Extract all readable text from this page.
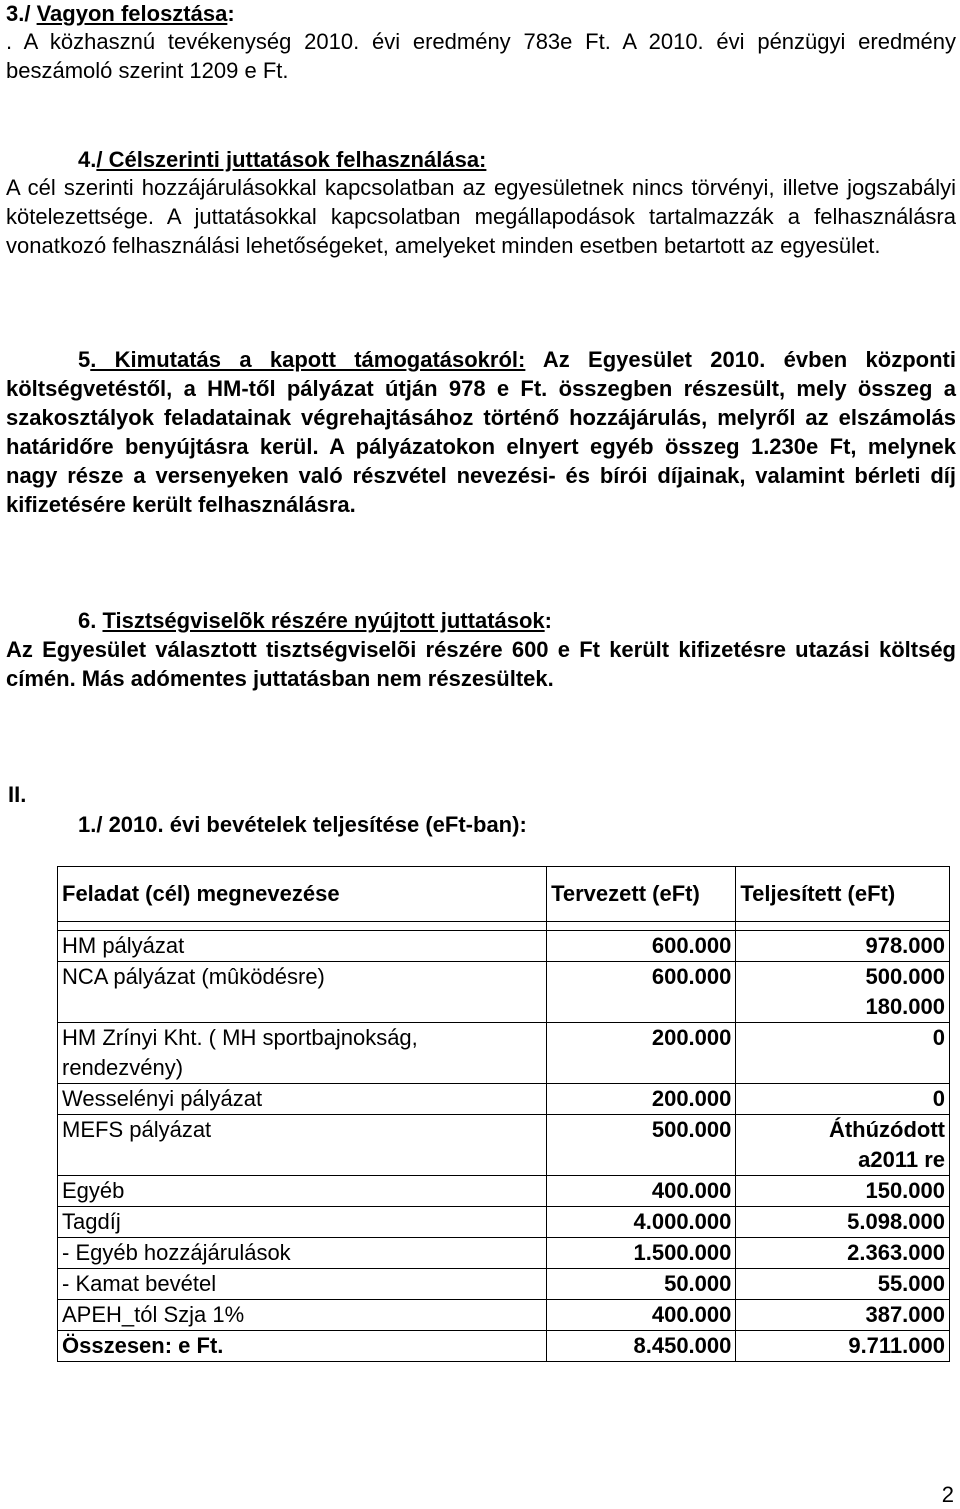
3./ Vagyon felosztása:

. A közhasznú tevékenység 2010. évi eredmény 783e Ft. A 2010. évi pénzügyi eredmény beszámoló szerint 1209 e Ft.

4./ Célszerinti juttatások felhasználása:

A cél szerinti hozzájárulásokkal kapcsolatban az egyesületnek nincs törvényi, illetve jogszabályi kötelezettsége. A juttatásokkal kapcsolatban megállapodások tartalmazzák a felhasználásra vonatkozó felhasználási lehetőségeket, amelyeket minden esetben betartott az egyesület.

5. Kimutatás a kapott támogatásokról: Az Egyesület 2010. évben központi költségvetéstől, a HM-től pályázat útján 978 e Ft. összegben részesült, mely összeg a szakosztályok feladatainak végrehajtásához történő hozzájárulás, melyről az elszámolás határidőre benyújtásra kerül. A pályázatokon elnyert egyéb összeg 1.230e Ft, melynek nagy része a versenyeken való részvétel nevezési- és bírói díjainak, valamint bérleti díj kifizetésére került felhasználásra.

6. Tisztségviselõk részére nyújtott juttatások:

Az Egyesület választott tisztségviselõi részére 600 e Ft került kifizetésre utazási költség címén. Más adómentes juttatásban nem részesültek.

II.
1./ 2010. évi bevételek teljesítése (eFt-ban):
Feladat (cél) megnevezése	Tervezett (eFt)	Teljesített (eFt)

HM pályázat	600.000	978.000
NCA pályázat (mûködésre)	600.000	500.000 180.000
HM Zrínyi Kht. ( MH sportbajnokság, rendezvény)	200.000	0
Wesselényi pályázat	200.000	0
MEFS pályázat	500.000	Áthúzódott a2011 re
Egyéb	400.000	150.000
Tagdíj	4.000.000	5.098.000
- Egyéb hozzájárulások	1.500.000	2.363.000
- Kamat bevétel	50.000	55.000
APEH_tól Szja 1%	400.000	387.000
Összesen: e Ft.	8.450.000	9.711.000
2
